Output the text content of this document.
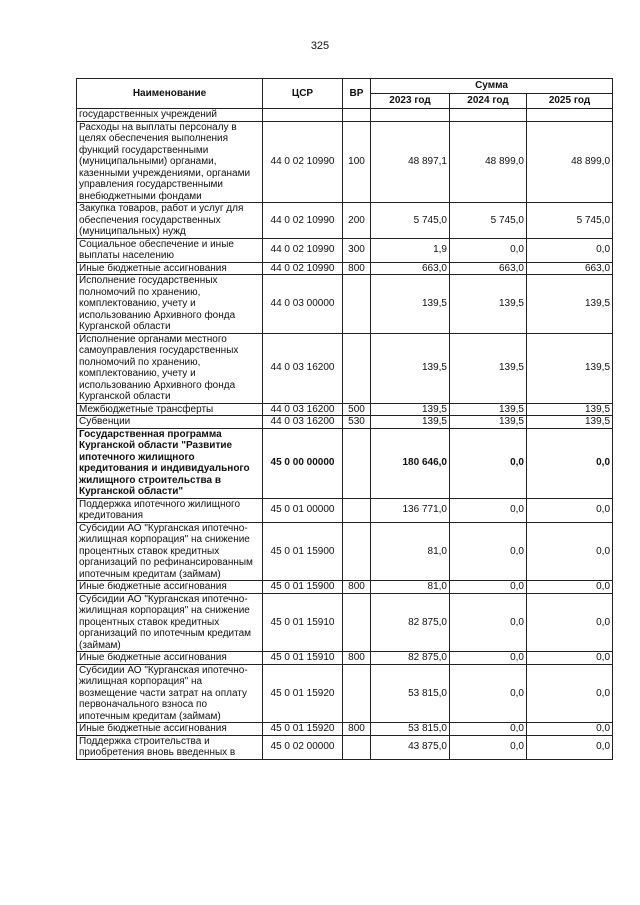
325
Наименование	ЦСР	ВР	Сумма		
			2023 год	2024 год	2025 год
государственных учреждений					
Расходы на выплаты персоналу в целях обеспечения выполнения функций государственными (муниципальными) органами, казенными учреждениями, органами управления государственными внебюджетными фондами	44 0 02 10990	100	48 897,1	48 899,0	48 899,0
Закупка товаров, работ и услуг для обеспечения государственных (муниципальных) нужд	44 0 02 10990	200	5 745,0	5 745,0	5 745,0
Социальное обеспечение и иные выплаты населению	44 0 02 10990	300	1,9	0,0	0,0
Иные бюджетные ассигнования	44 0 02 10990	800	663,0	663,0	663,0
Исполнение государственных полномочий по хранению, комплектованию, учету и использованию Архивного фонда Курганской области	44 0 03 00000		139,5	139,5	139,5
Исполнение органами местного самоуправления государственных полномочий по хранению, комплектованию, учету и использованию Архивного фонда Курганской области	44 0 03 16200		139,5	139,5	139,5
Межбюджетные трансферты	44 0 03 16200	500	139,5	139,5	139,5
Субвенции	44 0 03 16200	530	139,5	139,5	139,5
Государственная программа Курганской области "Развитие ипотечного жилищного кредитования и индивидуального жилищного строительства в Курганской области"	45 0 00 00000		180 646,0	0,0	0,0
Поддержка ипотечного жилищного кредитования	45 0 01 00000		136 771,0	0,0	0,0
Субсидии АО "Курганская ипотечно-жилищная корпорация" на снижение процентных ставок кредитных организаций по рефинансированным ипотечным кредитам (займам)	45 0 01 15900		81,0	0,0	0,0
Иные бюджетные ассигнования	45 0 01 15900	800	81,0	0,0	0,0
Субсидии АО "Курганская ипотечно-жилищная корпорация" на снижение процентных ставок кредитных организаций по ипотечным кредитам (займам)	45 0 01 15910		82 875,0	0,0	0,0
Иные бюджетные ассигнования	45 0 01 15910	800	82 875,0	0,0	0,0
Субсидии АО "Курганская ипотечно-жилищная корпорация" на возмещение части затрат на оплату первоначального взноса по ипотечным кредитам (займам)	45 0 01 15920		53 815,0	0,0	0,0
Иные бюджетные ассигнования	45 0 01 15920	800	53 815,0	0,0	0,0
Поддержка строительства и приобретения вновь введенных в	45 0 02 00000		43 875,0	0,0	0,0
